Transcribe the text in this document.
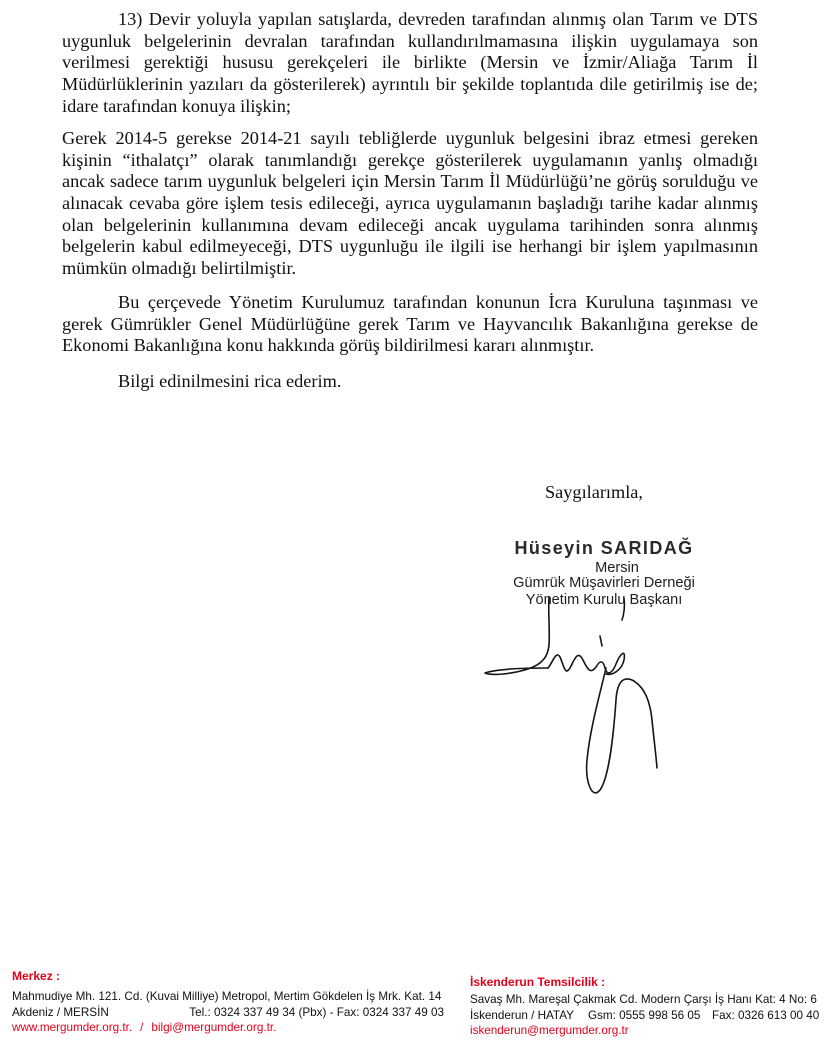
13) Devir yoluyla yapılan satışlarda, devreden tarafından alınmış olan Tarım ve DTS
uygunluk belgelerinin devralan tarafından kullandırılmamasına ilişkin uygulamaya son
verilmesi gerektiği hususu gerekçeleri ile birlikte (Mersin ve İzmir/Aliağa Tarım İl
Müdürlüklerinin yazıları da gösterilerek) ayrıntılı bir şekilde toplantıda dile getirilmiş ise de;
idare tarafından konuya ilişkin;
Gerek 2014-5 gerekse 2014-21 sayılı tebliğlerde uygunluk belgesini ibraz etmesi gereken
kişinin “ithalatçı” olarak tanımlandığı gerekçe gösterilerek uygulamanın yanlış olmadığı
ancak sadece tarım uygunluk belgeleri için Mersin Tarım İl Müdürlüğü’ne görüş sorulduğu ve
alınacak cevaba göre işlem tesis edileceği, ayrıca uygulamanın başladığı tarihe kadar alınmış
olan belgelerinin kullanımına devam edileceği ancak uygulama tarihinden sonra alınmış
belgelerin kabul edilmeyeceği, DTS uygunluğu ile ilgili ise herhangi bir işlem yapılmasının
mümkün olmadığı belirtilmiştir.
Bu çerçevede Yönetim Kurulumuz tarafından konunun İcra Kuruluna taşınması ve
gerek Gümrükler Genel Müdürlüğüne gerek Tarım ve Hayvancılık Bakanlığına gerekse de
Ekonomi Bakanlığına konu hakkında görüş bildirilmesi kararı alınmıştır.
Bilgi edinilmesini rica ederim.
Saygılarımla,
Hüseyin SARIDAĞ
Mersin
Gümrük Müşavirleri Derneği
Yönetim Kurulu Başkanı
Merkez :
Mahmudiye Mh. 121. Cd. (Kuvai Milliye) Metropol, Mertim Gökdelen İş Mrk. Kat. 14
Akdeniz / MERSİN	Tel.: 0324 337 49 34 (Pbx) - Fax: 0324 337 49 03
www.mergumder.org.tr. / bilgi@mergumder.org.tr.
İskenderun Temsilcilik :
Savaş Mh. Mareşal Çakmak Cd. Modern Çarşı İş Hanı Kat: 4 No: 6
İskenderun / HATAY Gsm: 0555 998 56 05 Fax: 0326 613 00 40
iskenderun@mergumder.org.tr
